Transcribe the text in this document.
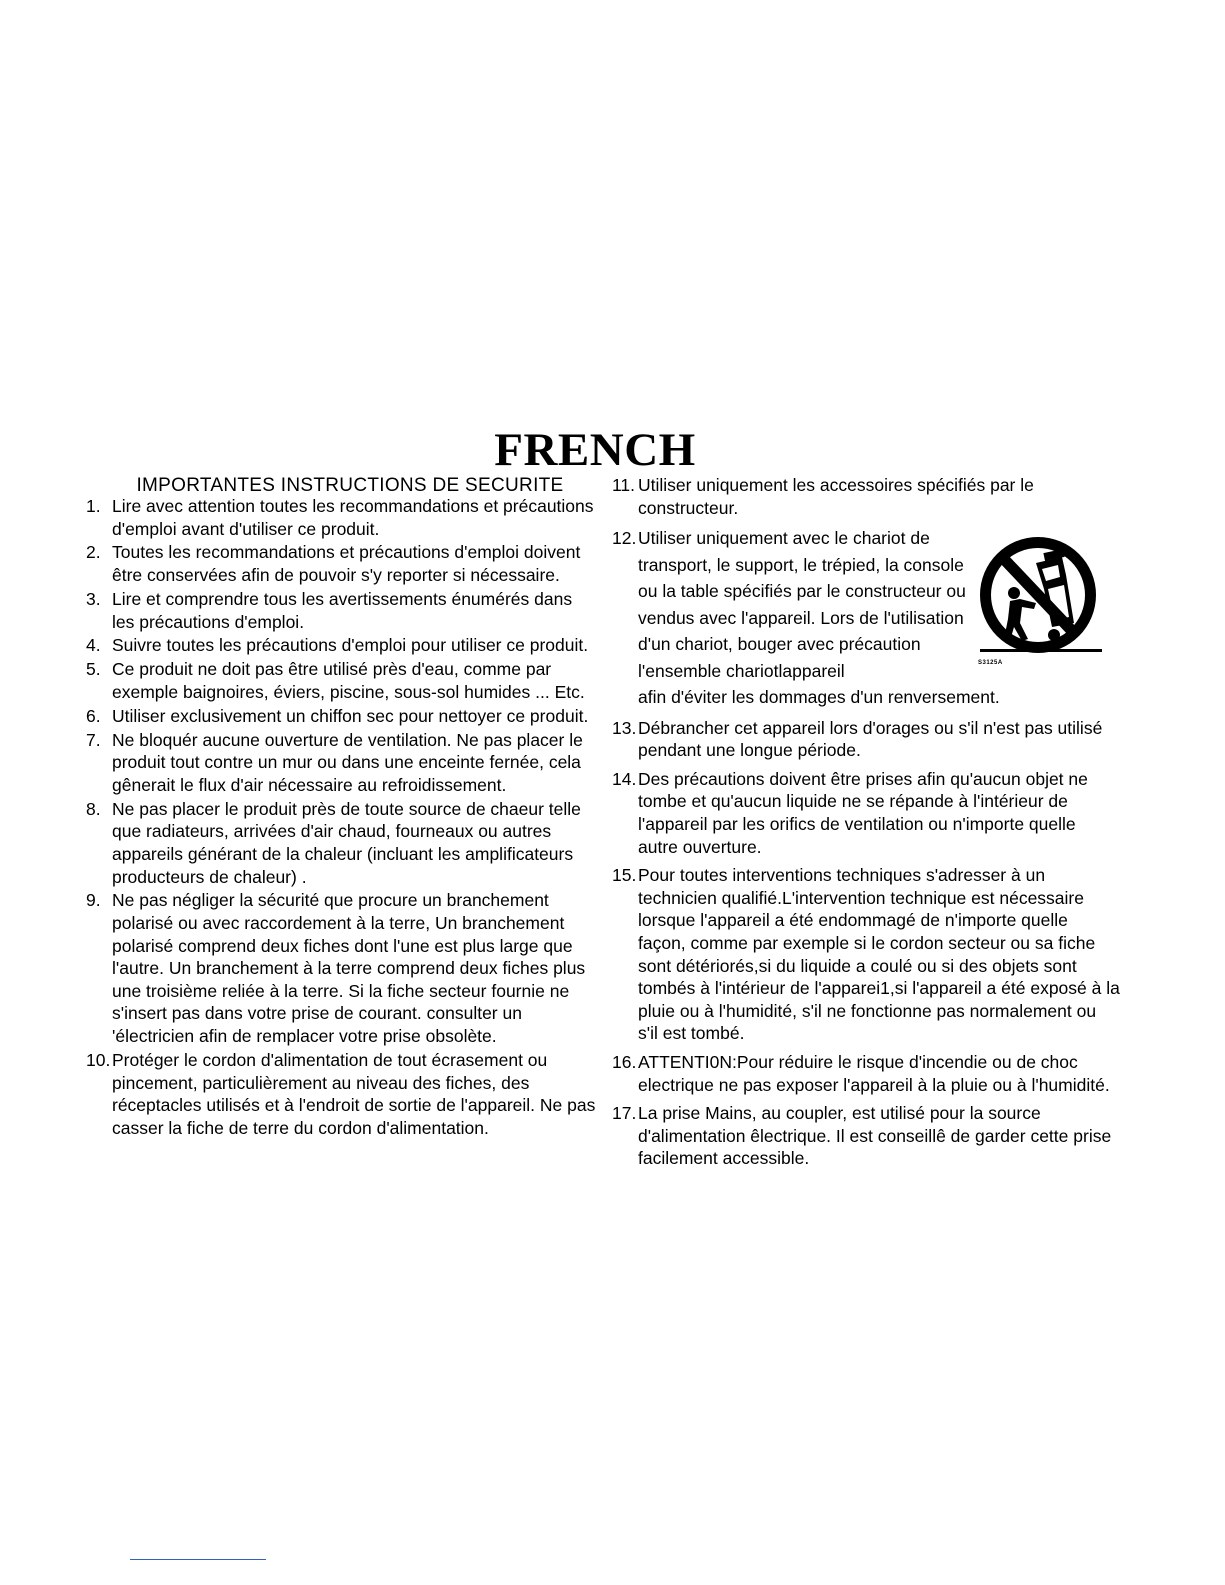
FRENCH
IMPORTANTES INSTRUCTIONS DE SECURITE
1. Lire avec attention toutes les recommandations et précautions d'emploi avant d'utiliser ce produit.
2. Toutes les recommandations et précautions d'emploi doivent être conservées afin de pouvoir s'y reporter si nécessaire.
3. Lire et comprendre tous les avertissements énumérés dans les précautions d'emploi.
4. Suivre toutes les précautions d'emploi pour utiliser ce produit.
5. Ce produit ne doit pas être utilisé près d'eau, comme par exemple baignoires, éviers, piscine, sous-sol humides ... Etc.
6. Utiliser exclusivement un chiffon sec pour nettoyer ce produit.
7. Ne bloquér aucune ouverture de ventilation. Ne pas placer le produit tout contre un mur ou dans une enceinte fernée, cela gênerait le flux d'air nécessaire au refroidissement.
8. Ne pas placer le produit près de toute source de chaeur telle que radiateurs, arrivées d'air chaud, fourneaux ou autres appareils générant de la chaleur (incluant les amplificateurs producteurs de chaleur) .
9. Ne pas négliger la sécurité que procure un branchement polarisé ou avec raccordement à la terre, Un branchement polarisé comprend deux fiches dont l'une est plus large que l'autre. Un branchement à la terre comprend deux fiches plus une troisième reliée à la terre. Si la fiche secteur fournie ne s'insert pas dans votre prise de courant. consulter un 'électricien afin de remplacer votre prise obsolète.
10. Protéger le cordon d'alimentation de tout écrasement ou pincement, particulièrement au niveau des fiches, des réceptacles utilisés et à l'endroit de sortie de l'appareil. Ne pas casser la fiche de terre du cordon d'alimentation.
11. Utiliser uniquement les accessoires spécifiés par le constructeur.
12. Utiliser uniquement avec le chariot de transport, le support, le trépied, la console ou la table spécifiés par le constructeur ou vendus avec l'appareil. Lors de l'utilisation d'un chariot, bouger avec précaution l'ensemble chariotlappareil
afin d'éviter les dommages d'un renversement.
13. Débrancher cet appareil lors d'orages ou s'il n'est pas utilisé pendant une longue période.
14. Des précautions doivent être prises afin qu'aucun objet ne tombe et qu'aucun liquide ne se répande à l'intérieur de l'appareil par les orifics de ventilation ou n'importe quelle autre ouverture.
15. Pour toutes interventions techniques s'adresser à un technicien qualifié.L'intervention technique est nécessaire lorsque l'appareil a été endommagé de n'importe quelle façon, comme par exemple si le cordon secteur ou sa fiche sont détériorés,si du liquide a coulé ou si des objets sont tombés à l'intérieur de l'apparei1,si l'appareil a été exposé à la pluie ou à l'humidité, s'il ne fonctionne pas normalement ou s'il est tombé.
16. ATTENTI0N:Pour réduire le risque d'incendie ou de choc electrique ne pas exposer l'appareil à la pluie ou à l'humidité.
17. La prise Mains, au coupler, est utilisé pour la source d'alimentation êlectrique. Il est conseillê de garder cette prise facilement accessible.
S3125A
